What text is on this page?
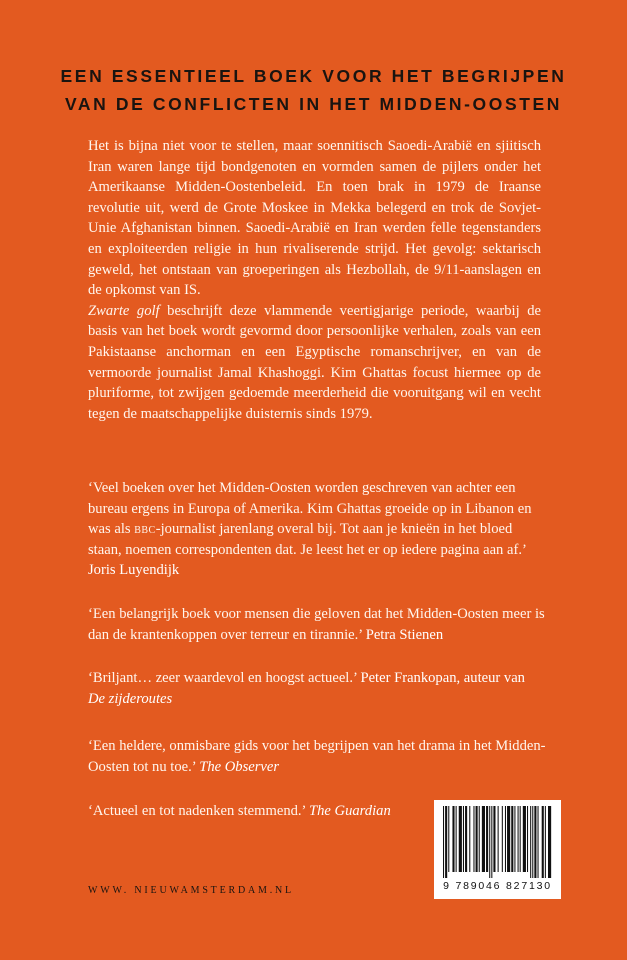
EEN ESSENTIEEL BOEK VOOR HET BEGRIJPEN
VAN DE CONFLICTEN IN HET MIDDEN-OOSTEN
Het is bijna niet voor te stellen, maar soennitisch Saoedi-Arabië en sjiitisch Iran waren lange tijd bondgenoten en vormden samen de pijlers onder het Amerikaanse Midden-Oostenbeleid. En toen brak in 1979 de Iraanse revolutie uit, werd de Grote Moskee in Mekka belegerd en trok de Sovjet-Unie Afghanistan binnen. Saoedi-Arabië en Iran werden felle tegenstanders en exploiteerden religie in hun rivaliserende strijd. Het gevolg: sektarisch geweld, het ontstaan van groeperingen als Hezbollah, de 9/11-aanslagen en de opkomst van IS.
Zwarte golf beschrijft deze vlammende veertigjarige periode, waarbij de basis van het boek wordt gevormd door persoonlijke verhalen, zoals van een Pakistaanse anchorman en een Egyptische romanschrijver, en van de vermoorde journalist Jamal Khashoggi. Kim Ghattas focust hiermee op de pluriforme, tot zwijgen gedoemde meerderheid die vooruitgang wil en vecht tegen de maatschappelijke duisternis sinds 1979.
‘Veel boeken over het Midden-Oosten worden geschreven van achter een bureau ergens in Europa of Amerika. Kim Ghattas groeide op in Libanon en was als bbc-journalist jarenlang overal bij. Tot aan je knieën in het bloed staan, noemen correspondenten dat. Je leest het er op iedere pagina aan af.’
Joris Luyendijk
‘Een belangrijk boek voor mensen die geloven dat het Midden-Oosten meer is dan de krantenkoppen over terreur en tirannie.’ Petra Stienen
‘Briljant… zeer waardevol en hoogst actueel.’ Peter Frankopan, auteur van
De zijderoutes
‘Een heldere, onmisbare gids voor het begrijpen van het drama in het Midden-Oosten tot nu toe.’ The Observer
‘Actueel en tot nadenken stemmend.’ The Guardian
WWW. NIEUWAMSTERDAM.NL	9 789046 827130
